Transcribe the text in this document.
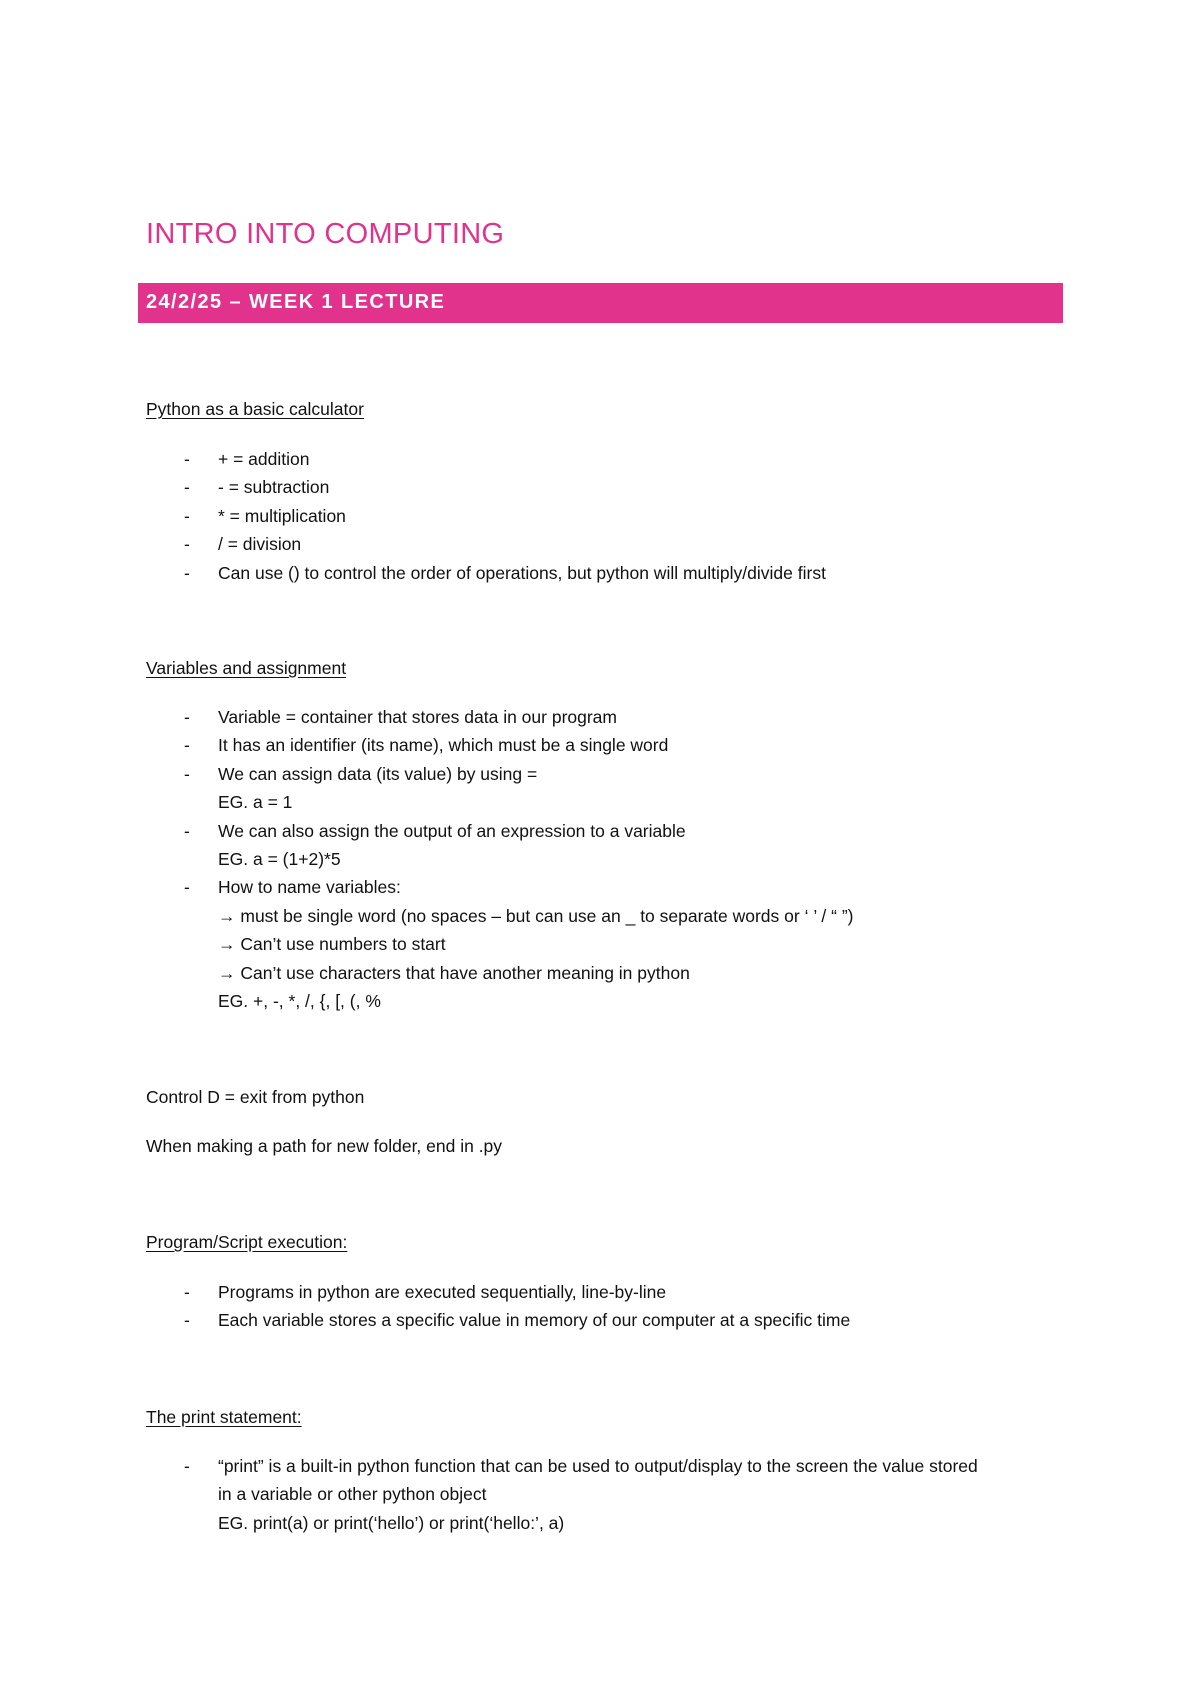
INTRO INTO COMPUTING
24/2/25 – WEEK 1 LECTURE
Python as a basic calculator
- + = addition
- - = subtraction
- * = multiplication
- / = division
- Can use () to control the order of operations, but python will multiply/divide first
Variables and assignment
- Variable = container that stores data in our program
- It has an identifier (its name), which must be a single word
- We can assign data (its value) by using =
EG. a = 1
- We can also assign the output of an expression to a variable
EG. a = (1+2)*5
- How to name variables:
→ must be single word (no spaces – but can use an _ to separate words or ‘ ’ / “ ”)
→ Can’t use numbers to start
→ Can’t use characters that have another meaning in python
EG. +, -, *, /, {, [, (, %
Control D = exit from python
When making a path for new folder, end in .py
Program/Script execution:
- Programs in python are executed sequentially, line-by-line
- Each variable stores a specific value in memory of our computer at a specific time
The print statement:
- “print” is a built-in python function that can be used to output/display to the screen the value stored
in a variable or other python object
EG. print(a) or print(‘hello’) or print(‘hello:’, a)
